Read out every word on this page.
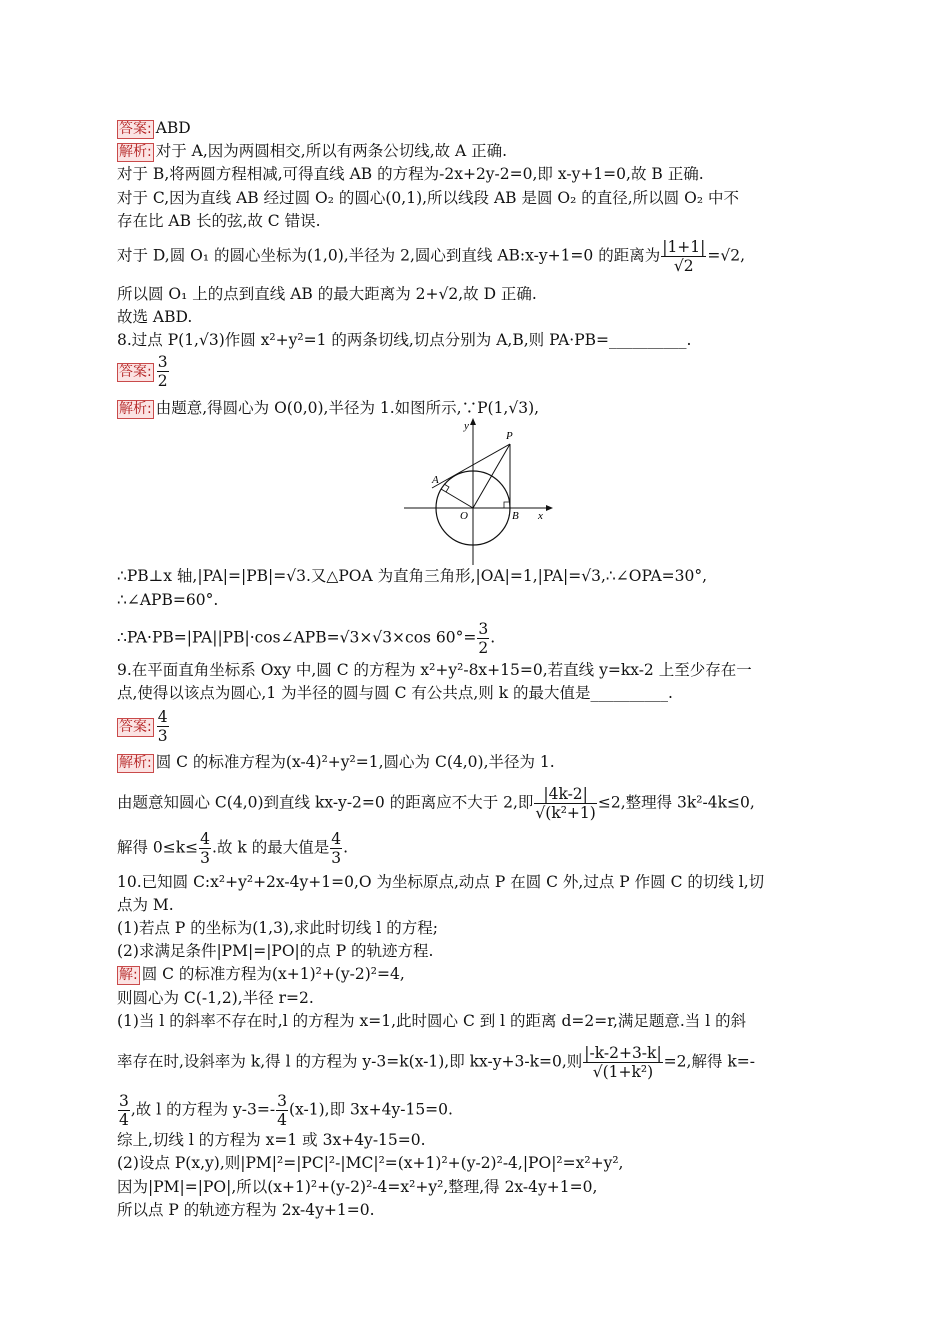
答案: ABD
解析: 对于 A,因为两圆相交,所以有两条公切线,故 A 正确.
对于 B,将两圆方程相减,可得直线 AB 的方程为-2x+2y-2=0,即 x-y+1=0,故 B 正确.
对于 C,因为直线 AB 经过圆 O₂ 的圆心(0,1),所以线段 AB 是圆 O₂ 的直径,所以圆 O₂ 中不
存在比 AB 长的弦,故 C 错误.
对于 D,圆 O₁ 的圆心坐标为(1,0),半径为 2,圆心到直线 AB:x-y+1=0 的距离为 $\frac{|1+1|}{√2} =√2$,
所以圆 O₁ 上的点到直线 AB 的最大距离为 2+√2,故 D 正确.
故选 ABD.
8.过点 P(1,√3)作圆 x²+y²=1 的两条切线,切点分别为 A,B,则 PA·PB=__________.
答案: $\frac{3}{2}$
解析: 由题意,得圆心为 O(0,0),半径为 1.如图所示,∵P(1,√3),
∴PB⊥x 轴,|PA|=|PB|=√3.又△POA 为直角三角形,|OA|=1,|PA|=√3,∴∠OPA=30°,
∴∠APB=60°.
∴PA·PB=|PA||PB|·cos∠APB=√3×√3×cos $60^\circ= \frac{3}{2}$ .
9.在平面直角坐标系 Oxy 中,圆 C 的方程为 x²+y²-8x+15=0,若直线 y=kx-2 上至少存在一
点,使得以该点为圆心,1 为半径的圆与圆 C 有公共点,则 k 的最大值是__________.
答案: $\frac{4}{3}$
解析: 圆 C 的标准方程为(x-4)²+y²=1,圆心为 C(4,0),半径为 1.
由题意知圆心 C(4,0)到直线 kx-y-2=0 的距离应不大于 2,即 $\frac{|4k-2|}{\text{√(k²+1)}} \le 2$,整理得 3k²-4k≤0,
解得 $0\le k\le \frac{4}{3}$ .故 k 的最大值是 $\frac{4}{3}$ .
10.已知圆 C:x²+y²+2x-4y+1=0,O 为坐标原点,动点 P 在圆 C 外,过点 P 作圆 C 的切线 l,切
点为 M.
(1)若点 P 的坐标为(1,3),求此时切线 l 的方程;
(2)求满足条件|PM|=|PO|的点 P 的轨迹方程.
解: 圆 C 的标准方程为(x+1)²+(y-2)²=4,
则圆心为 C(-1,2),半径 r=2.
(1)当 l 的斜率不存在时,l 的方程为 x=1,此时圆心 C 到 l 的距离 d=2=r,满足题意.当 l 的斜
率存在时,设斜率为 k,得 l 的方程为 y-3=k(x-1),即 kx-y+3-k=0,则 $\frac{|-k-2+3-k|}{\text{√(1+k²)}} =2$,解得 k=-
$\frac{3}{4}$ ,故 l 的方程为 $y-3=- \frac{3}{4} (x-1)$,即 3x+4y-15=0.
综上,切线 l 的方程为 x=1 或 3x+4y-15=0.
(2)设点 P(x,y),则|PM|²=|PC|²-|MC|²=(x+1)²+(y-2)²-4,|PO|²=x²+y²,
因为|PM|=|PO|,所以(x+1)²+(y-2)²-4=x²+y²,整理,得 2x-4y+1=0,
所以点 P 的轨迹方程为 2x-4y+1=0.
y
x
P
A
O	B
